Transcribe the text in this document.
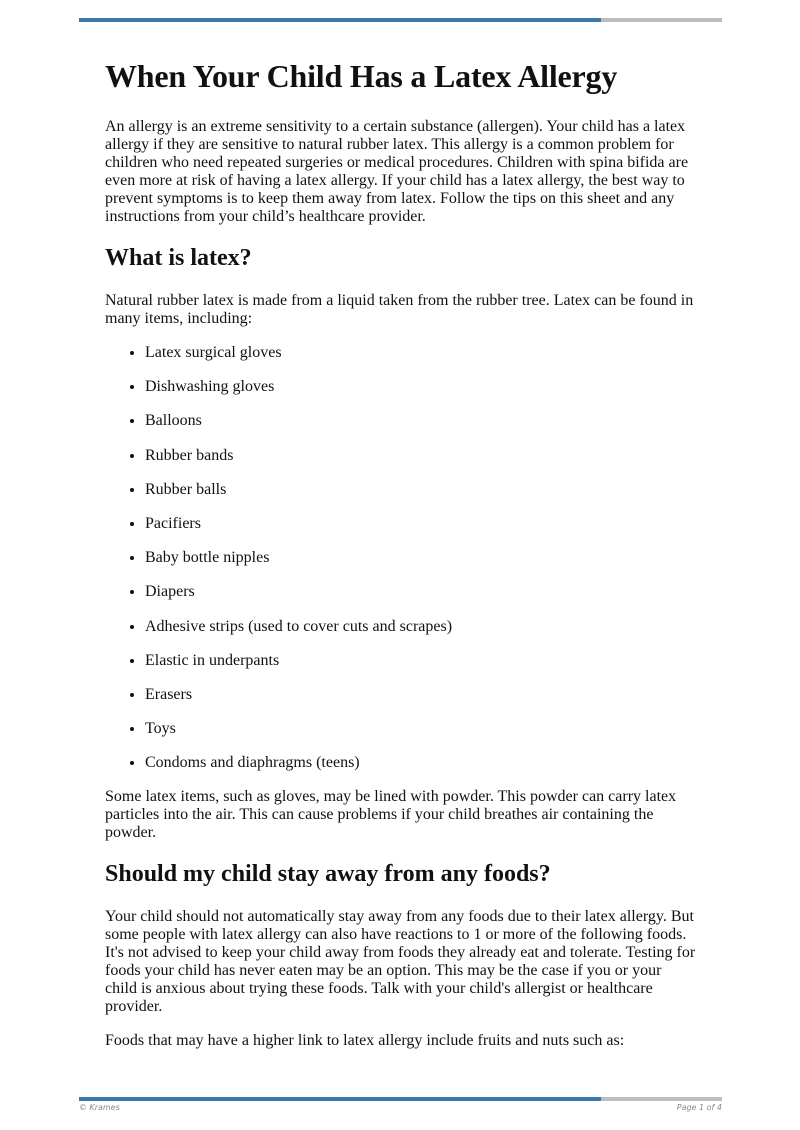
When Your Child Has a Latex Allergy

An allergy is an extreme sensitivity to a certain substance (allergen). Your child has a latex allergy if they are sensitive to natural rubber latex. This allergy is a common problem for children who need repeated surgeries or medical procedures. Children with spina bifida are even more at risk of having a latex allergy. If your child has a latex allergy, the best way to prevent symptoms is to keep them away from latex. Follow the tips on this sheet and any instructions from your child’s healthcare provider.

What is latex?

Natural rubber latex is made from a liquid taken from the rubber tree. Latex can be found in many items, including:

• Latex surgical gloves
• Dishwashing gloves
• Balloons
• Rubber bands
• Rubber balls
• Pacifiers
• Baby bottle nipples
• Diapers
• Adhesive strips (used to cover cuts and scrapes)
• Elastic in underpants
• Erasers
• Toys
• Condoms and diaphragms (teens)

Some latex items, such as gloves, may be lined with powder. This powder can carry latex particles into the air. This can cause problems if your child breathes air containing the powder.

Should my child stay away from any foods?

Your child should not automatically stay away from any foods due to their latex allergy. But some people with latex allergy can also have reactions to 1 or more of the following foods. It's not advised to keep your child away from foods they already eat and tolerate. Testing for foods your child has never eaten may be an option. This may be the case if you or your child is anxious about trying these foods. Talk with your child's allergist or healthcare provider.

Foods that may have a higher link to latex allergy include fruits and nuts such as:

© Krames	Page 1 of 4
